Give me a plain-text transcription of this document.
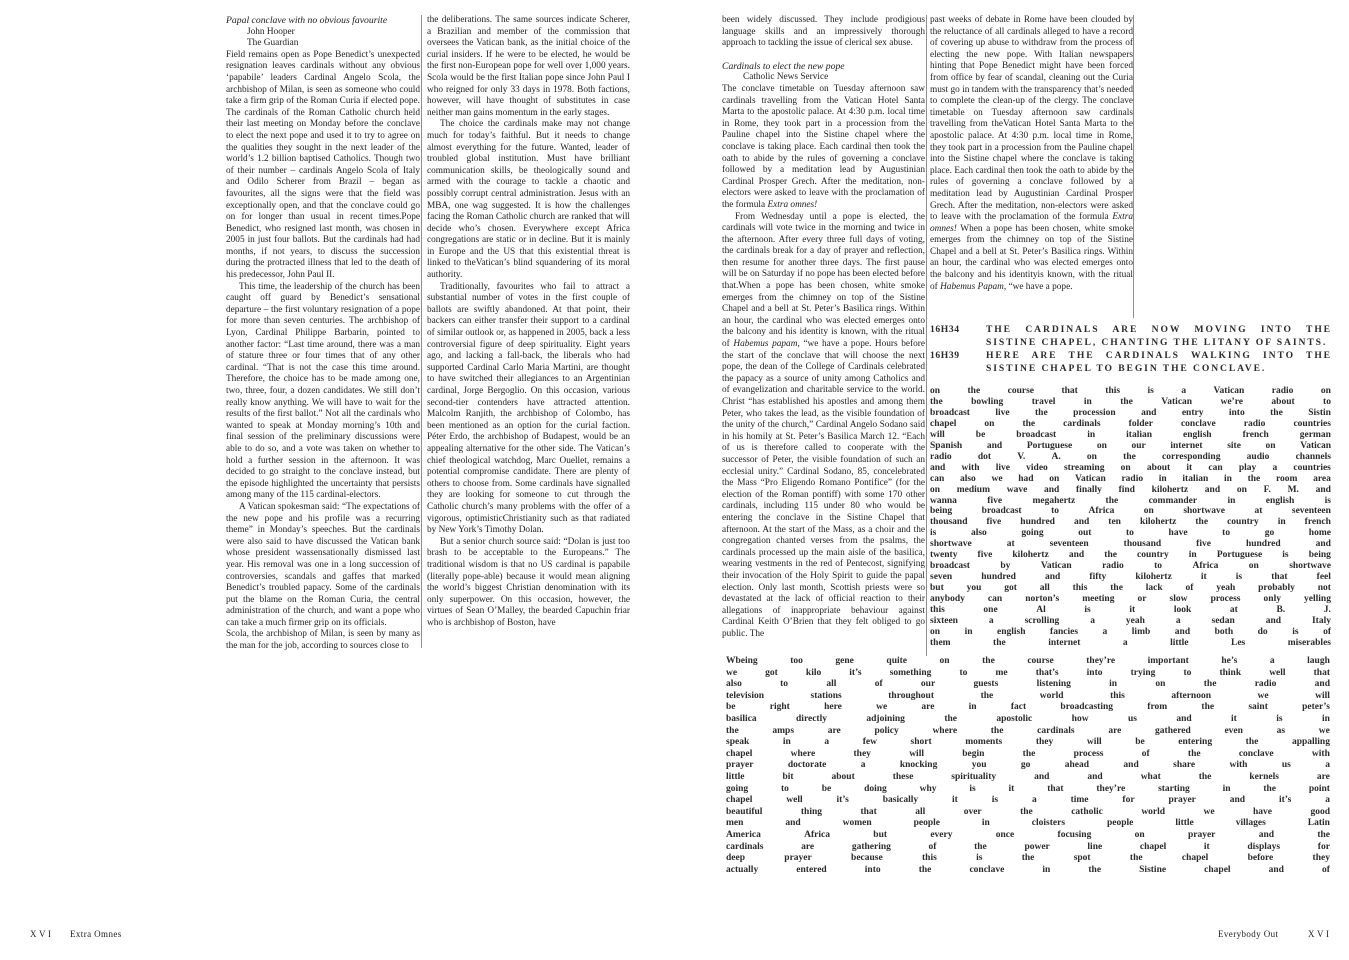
Papal conclave with no obvious favourite

John Hooper
The Guardian

Field remains open as Pope Benedict’s unexpected resignation leaves cardinals without any obvious ‘papabile’ leaders Cardinal Angelo Scola, the archbishop of Milan, is seen as someone who could take a firm grip of the Roman Curia if elected pope. The cardinals of the Roman Catholic church held their last meeting on Monday before the conclave to elect the next pope and used it to try to agree on the qualities they sought in the next leader of the world’s 1.2 billion baptised Catholics. Though two of their number – cardinals Angelo Scola of Italy and Odilo Scherer from Brazil – began as favourites, all the signs were that the field was exceptionally open, and that the conclave could go on for longer than usual in recent times.Pope Benedict, who resigned last month, was chosen in 2005 in just four ballots. But the cardinals had had months, if not years, to discuss the succession during the protracted illness that led to the death of his predecessor, John Paul II.

This time, the leadership of the church has been caught off guard by Benedict’s sensational departure – the first voluntary resignation of a pope for more than seven centuries. The archbishop of Lyon, Cardinal Philippe Barbarin, pointed to another factor: “Last time around, there was a man of stature three or four times that of any other cardinal. “That is not the case this time around. Therefore, the choice has to be made among one, two, three, four, a dozen candidates. We still don’t really know anything. We will have to wait for the results of the first ballot.” Not all the cardinals who wanted to speak at Monday morning’s 10th and final session of the preliminary discussions were able to do so, and a vote was taken on whether to hold a further session in the afternoon. It was decided to go straight to the conclave instead, but the episode highlighted the uncertainty that persists among many of the 115 cardinal-electors.

A Vatican spokesman said: “The expectations of the new pope and his profile was a recurring theme” in Monday’s speeches. But the cardinals were also said to have discussed the Vatican bank whose president wassensationally dismissed last year. His removal was one in a long succession of controversies, scandals and gaffes that marked Benedict’s troubled papacy. Some of the cardinals put the blame on the Roman Curia, the central administration of the church, and want a pope who can take a much firmer grip on its officials.

Scola, the archbishop of Milan, is seen by many as the man for the job, according to sources close to

the deliberations. The same sources indicate Scherer, a Brazilian and member of the commission that oversees the Vatican bank, as the initial choice of the curial insiders. If he were to be elected, he would be the first non-European pope for well over 1,000 years. Scola would be the first Italian pope since John Paul I who reigned for only 33 days in 1978. Both factions, however, will have thought of substitutes in case neither man gains momentum in the early stages.

The choice the cardinals make may not change much for today’s faithful. But it needs to change almost everything for the future. Wanted, leader of troubled global institution. Must have brilliant communication skills, be theologically sound and armed with the courage to tackle a chaotic and possibly corrupt central administration. Jesus with an MBA, one wag suggested. It is how the challenges facing the Roman Catholic church are ranked that will decide who’s chosen. Everywhere except Africa congregations are static or in decline. But it is mainly in Europe and the US that this existential threat is linked to theVatican’s blind squandering of its moral authority.

Traditionally, favourites who fail to attract a substantial number of votes in the first couple of ballots are swiftly abandoned. At that point, their backers can either transfer their support to a cardinal of similar outlook or, as happened in 2005, back a less controversial figure of deep spirituality. Eight years ago, and lacking a fall-back, the liberals who had supported Cardinal Carlo Maria Martini, are thought to have switched their allegiances to an Argentinian cardinal, Jorge Bergoglio. On this occasion, various second-tier contenders have attracted attention. Malcolm Ranjith, the archbishop of Colombo, has been mentioned as an option for the curial faction. Péter Erdo, the archbishop of Budapest, would be an appealing alternative for the other side. The Vatican’s chief theological watchdog, Marc Ouellet, remains a potential compromise candidate. There are plenty of others to choose from. Some cardinals have signalled they are looking for someone to cut through the Catholic church’s many problems with the offer of a vigorous, optimisticChristianity such as that radiated by New York’s Timothy Dolan.

But a senior church source said: “Dolan is just too brash to be acceptable to the Europeans.” The traditional wisdom is that no US cardinal is papabile (literally pope-able) because it would mean aligning the world’s biggest Christian denomination with its only superpower. On this occasion, however, the virtues of Sean O’Malley, the bearded Capuchin friar who is archbishop of Boston, have

been widely discussed. They include prodigious language skills and an impressively thorough approach to tackling the issue of clerical sex abuse.

Cardinals to elect the new pope

Catholic News Service

The conclave timetable on Tuesday afternoon saw cardinals travelling from the Vatican Hotel Santa Marta to the apostolic palace. At 4:30 p.m. local time in Rome, they took part in a procession from the Pauline chapel into the Sistine chapel where the conclave is taking place. Each cardinal then took the oath to abide by the rules of governing a conclave followed by a meditation lead by Augustinian Cardinal Prosper Grech. After the meditation, non-electors were asked to leave with the proclamation of the formula Extra omnes!

From Wednesday until a pope is elected, the cardinals will vote twice in the morning and twice in the afternoon. After every three full days of voting, the cardinals break for a day of prayer and reflection, then resume for another three days. The first pause will be on Saturday if no pope has been elected before that.When a pope has been chosen, white smoke emerges from the chimney on top of the Sistine Chapel and a bell at St. Peter’s Basilica rings. Within an hour, the cardinal who was elected emerges onto the balcony and his identity is known, with the ritual of Habemus papam, “we have a pope. Hours before the start of the conclave that will choose the next pope, the dean of the College of Cardinals celebrated the papacy as a source of unity among Catholics and of evangelization and charitable service to the world. Christ “has established his apostles and among them Peter, who takes the lead, as the visible foundation of the unity of the church,” Cardinal Angelo Sodano said in his homily at St. Peter’s Basilica March 12. “Each of us is therefore called to cooperate with the successor of Peter, the visible foundation of such an ecclesial unity.” Cardinal Sodano, 85, concelebrated the Mass “Pro Eligendo Romano Pontifice” (for the election of the Roman pontiff) with some 170 other cardinals, including 115 under 80 who would be entering the conclave in the Sistine Chapel that afternoon. At the start of the Mass, as a choir and the congregation chanted verses from the psalms, the cardinals processed up the main aisle of the basilica, wearing vestments in the red of Pentecost, signifying their invocation of the Holy Spirit to guide the papal election. Only last month, Scottish priests were so devastated at the lack of official reaction to their allegations of inappropriate behaviour against Cardinal Keith O’Brien that they felt obliged to go public. The

past weeks of debate in Rome have been clouded by the reluctance of all cardinals alleged to have a record of covering up abuse to withdraw from the process of electing the new pope. With Italian newspapers hinting that Pope Benedict might have been forced from office by fear of scandal, cleaning out the Curia must go in tandem with the transparency that’s needed to complete the clean-up of the clergy. The conclave timetable on Tuesday afternoon saw cardinals travelling from theVatican Hotel Santa Marta to the apostolic palace. At 4:30 p.m. local time in Rome, they took part in a procession from the Pauline chapel into the Sistine chapel where the conclave is taking place. Each cardinal then took the oath to abide by the rules of governing a conclave followed by a meditation lead by Augustinian Cardinal Prosper Grech. After the meditation, non-electors were asked to leave with the proclamation of the formula Extra omnes! When a pope has been chosen, white smoke emerges from the chimney on top of the Sistine Chapel and a bell at St. Peter’s Basilica rings. Within an hour, the cardinal who was elected emerges onto the balcony and his identityis known, with the ritual of Habemus Papam, “we have a pope.

16H34	THE CARDINALS ARE NOW MOVING INTO THE SISTINE CHAPEL, CHANTING THE LITANY OF SAINTS.
16H39	HERE ARE THE CARDINALS WALKING INTO THE SISTINE CHAPEL TO BEGIN THE CONCLAVE.
on	the	course	that	this	is	a	Vatican	radio	on
the	bowling	travel	in	the	Vatican	we’re	about	to
broadcast	live	the	procession	and	entry	into	the	Sistin
chapel	on	the	cardinals	folder	conclave	radio	countries
will	be	broadcast	in	italian	english	french	german
Spanish	and	Portuguese	on	our	internet	site	on	Vatican
radio	dot	V.	A.	on	the	corresponding	audio	channels
and with live video streaming on about it can play a countries
can also we had on Vatican radio in italian in the room area
on medium wave and finally find kilohertz and on F. M. and
wanna	five	megahertz	the	commander	in	english	is
being	broadcast	to	Africa	on	shortwave	at	seventeen
thousand five hundred and ten kilohertz the country in french
is	also	going	out	to	have	to	go	home
shortwave	at	seventeen	thousand	five	hundred	and
twenty five kilohertz and the country in Portuguese is being
broadcast	by	Vatican	radio	to	Africa	on	shortwave
seven	hundred	and	fifty	kilohertz	it	is	that	feel
but you got all this the lack of yeah probably not
anybody can norton’s meeting or slow process only yelling
this	one	Al	is	it	look	at	B.	J.
sixteen	a	scrolling	a	yeah	a	sedan	and	Italy
on	in	english	fancies	a	limb	and	both	do	is	of
them	the	internet	a	little	Les	miserables
Wbeing	too	gene	quite	on	the	course	they’re	important	he’s	a	laugh
we	got	kilo	it’s	something	to	me	that’s	into	trying	to	think	well	that
also	to	all	of	our	guests	listening	in	on	the	radio	and
television	stations	throughout	the	world	this	afternoon	we	will
be	right	here	we	are	in	fact	broadcasting	from	the	saint	peter’s
basilica	directly	adjoining	the	apostolic	how	us	and	it	is	in
the	amps	are	policy	where	the	cardinals	are	gathered	even	as	we
speak	in	a	few	short	moments	they	will	be	entering	the	appalling
chapel	where	they	will	begin	the	process	of	the	conclave	with
prayer	doctorate	a	knocking	you	go	ahead	and	share	with	us	a
little	bit	about	these	spirituality	and	and	what	the	kernels	are
going	to	be	doing	why	is	it	that	they’re	starting	in	the	point
chapel	well	it’s	basically	it	is	a	time	for	prayer	and	it’s	a
beautiful	thing	that	all	over	the	catholic	world	we	have	good
men	and	women	people	in	cloisters	people	little	villages	Latin
America	Africa	but	every	once	focusing	on	prayer	and	the
cardinals	are	gathering	of	the	power	line	chapel	it	displays	for
deep	prayer	because	this	is	the	spot	the	chapel	before	they
actually	entered	into	the	conclave	in	the	Sistine	chapel	and	of
XVI Extra Omnes	Everybody Out	XVI
